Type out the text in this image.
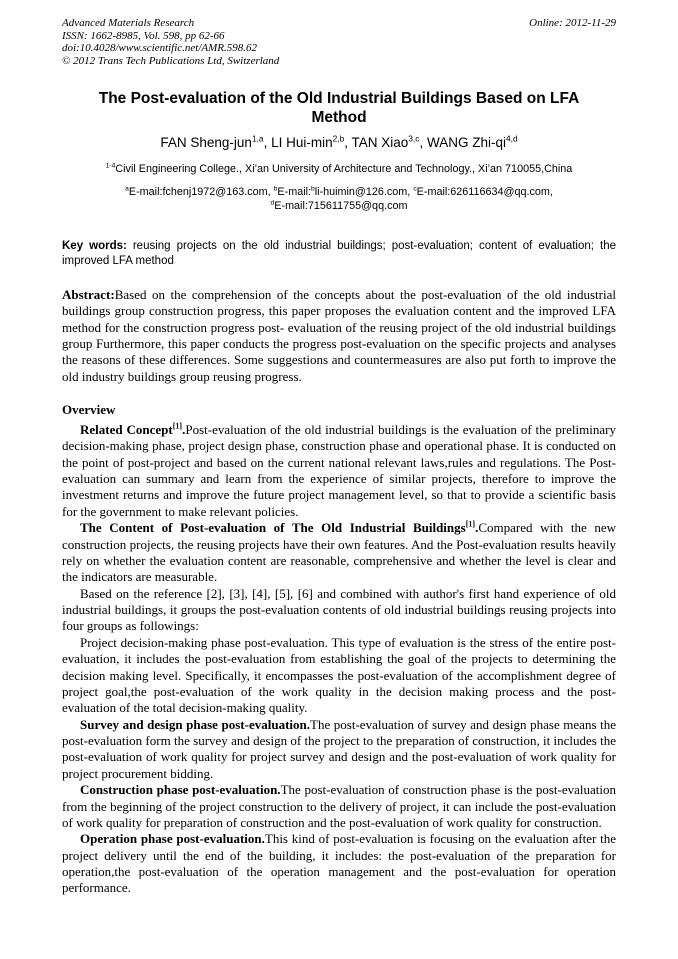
Advanced Materials Research
ISSN: 1662-8985, Vol. 598, pp 62-66
doi:10.4028/www.scientific.net/AMR.598.62
© 2012 Trans Tech Publications Ltd, Switzerland
Online: 2012-11-29
The Post-evaluation of the Old Industrial Buildings Based on LFA
Method
FAN Sheng-jun$^{1,a}$, LI Hui-$\min^{2,b}$, TAN Xiao$^{3,c}$, WANG Zhi-qi$^{4,d}$
$^{1-4}$Civil Engineering College., Xi’an University of Architecture and Technology., Xi’an 710055,China
$^a$E-mail:fchenj1972@163.com, $^b$E-mail:$^b$li-huimin@126.com, $^c$E-mail:626116634@qq.com,
$^d$E-mail:715611755@qq.com
Key words: reusing projects on the old industrial buildings; post-evaluation; content of evaluation; the improved LFA method
Abstract:Based on the comprehension of the concepts about the post-evaluation of the old industrial buildings group construction progress, this paper proposes the evaluation content and the improved LFA method for the construction progress post- evaluation of the reusing project of the old industrial buildings group Furthermore, this paper conducts the progress post-evaluation on the specific projects and analyses the reasons of these differences. Some suggestions and countermeasures are also put forth to improve the old industry buildings group reusing progress.
Overview

Related Concept[1].Post-evaluation of the old industrial buildings is the evaluation of the preliminary decision-making phase, project design phase, construction phase and operational phase. It is conducted on the point of post-project and based on the current national relevant laws,rules and regulations. The Post-evaluation can summary and learn from the experience of similar projects, therefore to improve the investment returns and improve the future project management level, so that to provide a scientific basis for the government to make relevant policies.

The Content of Post-evaluation of The Old Industrial Buildings[1].Compared with the new construction projects, the reusing projects have their own features. And the Post-evaluation results heavily rely on whether the evaluation content are reasonable, comprehensive and whether the level is clear and the indicators are measurable.

Based on the reference [2], [3], [4], [5], [6] and combined with author's first hand experience of old industrial buildings, it groups the post-evaluation contents of old industrial buildings reusing projects into four groups as followings:

Project decision-making phase post-evaluation. This type of evaluation is the stress of the entire post-evaluation, it includes the post-evaluation from establishing the goal of the projects to determining the decision making level. Specifically, it encompasses the post-evaluation of the accomplishment degree of project goal,the post-evaluation of the work quality in the decision making process and the post-evaluation of the total decision-making quality.

Survey and design phase post-evaluation.The post-evaluation of survey and design phase means the post-evaluation form the survey and design of the project to the preparation of construction, it includes the post-evaluation of work quality for project survey and design and the post-evaluation of work quality for project procurement bidding.

Construction phase post-evaluation.The post-evaluation of construction phase is the post-evaluation from the beginning of the project construction to the delivery of project, it can include the post-evaluation of work quality for preparation of construction and the post-evaluation of work quality for construction.

Operation phase post-evaluation.This kind of post-evaluation is focusing on the evaluation after the project delivery until the end of the building, it includes: the post-evaluation of the preparation for operation,the post-evaluation of the operation management and the post-evaluation for operation performance.
